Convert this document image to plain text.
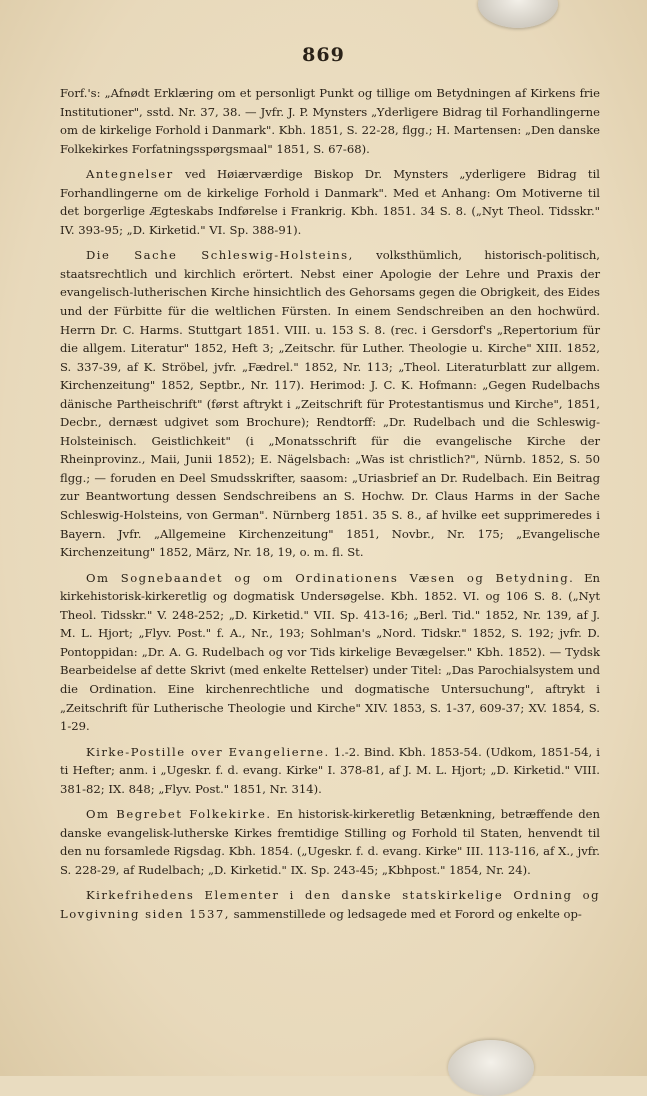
869

Forf.'s: „Afnødt Erklæring om et personligt Punkt og tillige om Betydningen af Kirkens frie Institutioner", sstd. Nr. 37, 38. — Jvfr. J. P. Mynsters „Yderligere Bidrag til Forhandlingerne om de kirkelige Forhold i Danmark". Kbh. 1851, S. 22-28, flgg.; H. Martensen: „Den danske Folkekirkes Forfatningsspørgsmaal" 1851, S. 67-68).

Antegnelser ved Høiærværdige Biskop Dr. Mynsters „yderligere Bidrag til Forhandlingerne om de kirkelige Forhold i Danmark". Med et Anhang: Om Motiverne til det borgerlige Ægteskabs Indførelse i Frankrig. Kbh. 1851. 34 S. 8. („Nyt Theol. Tidsskr." IV. 393-95; „D. Kirketid." VI. Sp. 388-91).

Die Sache Schleswig-Holsteins, volksthümlich, historisch-politisch, staatsrechtlich und kirchlich erörtert. Nebst einer Apologie der Lehre und Praxis der evangelisch-lutherischen Kirche hinsichtlich des Gehorsams gegen die Obrigkeit, des Eides und der Fürbitte für die weltlichen Fürsten. In einem Sendschreiben an den hochwürd. Herrn Dr. C. Harms. Stuttgart 1851. VIII. u. 153 S. 8. (rec. i Gersdorf's „Repertorium für die allgem. Literatur" 1852, Heft 3; „Zeitschr. für Luther. Theologie u. Kirche" XIII. 1852, S. 337-39, af K. Ströbel, jvfr. „Fædrel." 1852, Nr. 113; „Theol. Literaturblatt zur allgem. Kirchenzeitung" 1852, Septbr., Nr. 117). Herimod: J. C. K. Hofmann: „Gegen Rudelbachs dänische Partheischrift" (først aftrykt i „Zeitschrift für Protestantismus und Kirche", 1851, Decbr., dernæst udgivet som Brochure); Rendtorff: „Dr. Rudelbach und die Schleswig-Holsteinisch. Geistlichkeit" (i „Monatsschrift für die evangelische Kirche der Rheinprovinz., Maii, Junii 1852); E. Nägelsbach: „Was ist christlich?", Nürnb. 1852, S. 50 flgg.; — foruden en Deel Smudsskrifter, saasom: „Uriasbrief an Dr. Rudelbach. Ein Beitrag zur Beantwortung dessen Sendschreibens an S. Hochw. Dr. Claus Harms in der Sache Schleswig-Holsteins, von German". Nürnberg 1851. 35 S. 8., af hvilke eet supprimeredes i Bayern. Jvfr. „Allgemeine Kirchenzeitung" 1851, Novbr., Nr. 175; „Evangelische Kirchenzeitung" 1852, März, Nr. 18, 19, o. m. fl. St.

Om Sognebaandet og om Ordinationens Væsen og Betydning. En kirkehistorisk-kirkeretlig og dogmatisk Undersøgelse. Kbh. 1852. VI. og 106 S. 8. („Nyt Theol. Tidsskr." V. 248-252; „D. Kirketid." VII. Sp. 413-16; „Berl. Tid." 1852, Nr. 139, af J. M. L. Hjort; „Flyv. Post." f. A., Nr., 193; Sohlman's „Nord. Tidskr." 1852, S. 192; jvfr. D. Pontoppidan: „Dr. A. G. Rudelbach og vor Tids kirkelige Bevægelser." Kbh. 1852). — Tydsk Bearbeidelse af dette Skrivt (med enkelte Rettelser) under Titel: „Das Parochialsystem und die Ordination. Eine kirchenrechtliche und dogmatische Untersuchung", aftrykt i „Zeitschrift für Lutherische Theologie und Kirche" XIV. 1853, S. 1-37, 609-37; XV. 1854, S. 1-29.

Kirke-Postille over Evangelierne. 1.-2. Bind. Kbh. 1853-54. (Udkom, 1851-54, i ti Hefter; anm. i „Ugeskr. f. d. evang. Kirke" I. 378-81, af J. M. L. Hjort; „D. Kirketid." VIII. 381-82; IX. 848; „Flyv. Post." 1851, Nr. 314).

Om Begrebet Folkekirke. En historisk-kirkeretlig Betænkning, betræffende den danske evangelisk-lutherske Kirkes fremtidige Stilling og Forhold til Staten, henvendt til den nu forsamlede Rigsdag. Kbh. 1854. („Ugeskr. f. d. evang. Kirke" III. 113-116, af X., jvfr. S. 228-29, af Rudelbach; „D. Kirketid." IX. Sp. 243-45; „Kbhpost." 1854, Nr. 24).

Kirkefrihedens Elementer i den danske statskirkelige Ordning og Lovgivning siden 1537, sammenstillede og ledsagede med et Forord og enkelte op-
